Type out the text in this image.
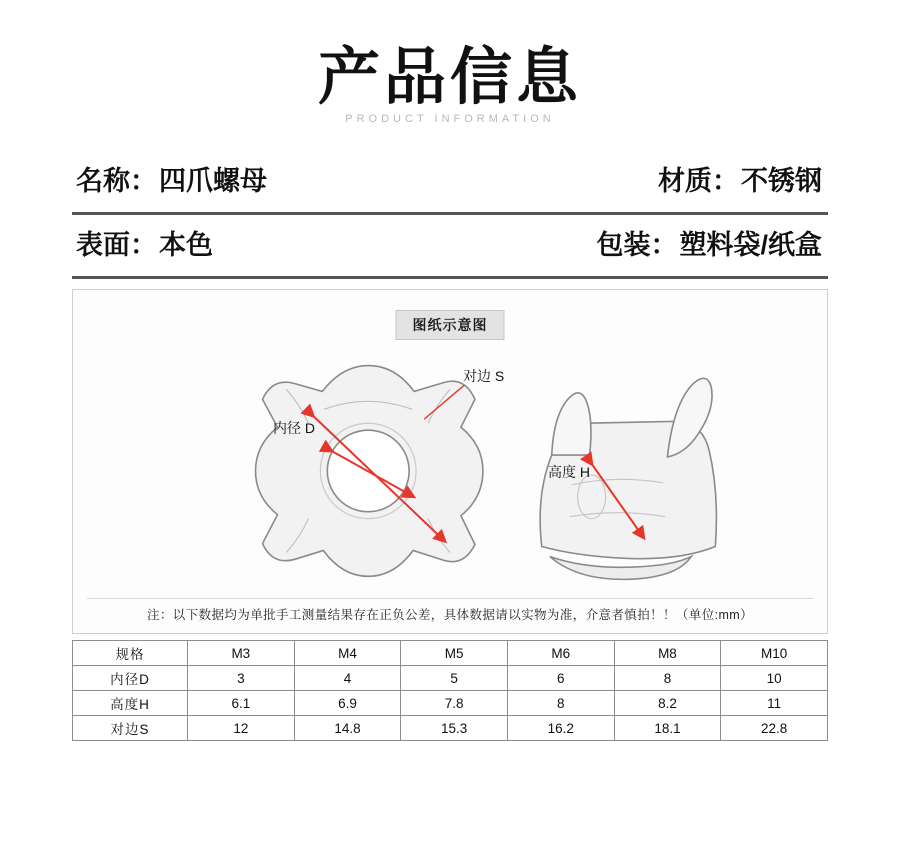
产品信息
PRODUCT INFORMATION
名称： 四爪螺母	材质： 不锈钢
表面： 本色	包装： 塑料袋/纸盒
图纸示意图
对边 S
内径 D
高度 H
注：以下数据均为单批手工测量结果存在正负公差，具体数据请以实物为准，介意者慎拍！！（单位:mm）
规格	M3	M4	M5	M6	M8	M10
内径D	3	4	5	6	8	10
高度H	6.1	6.9	7.8	8	8.2	11
对边S	12	14.8	15.3	16.2	18.1	22.8
